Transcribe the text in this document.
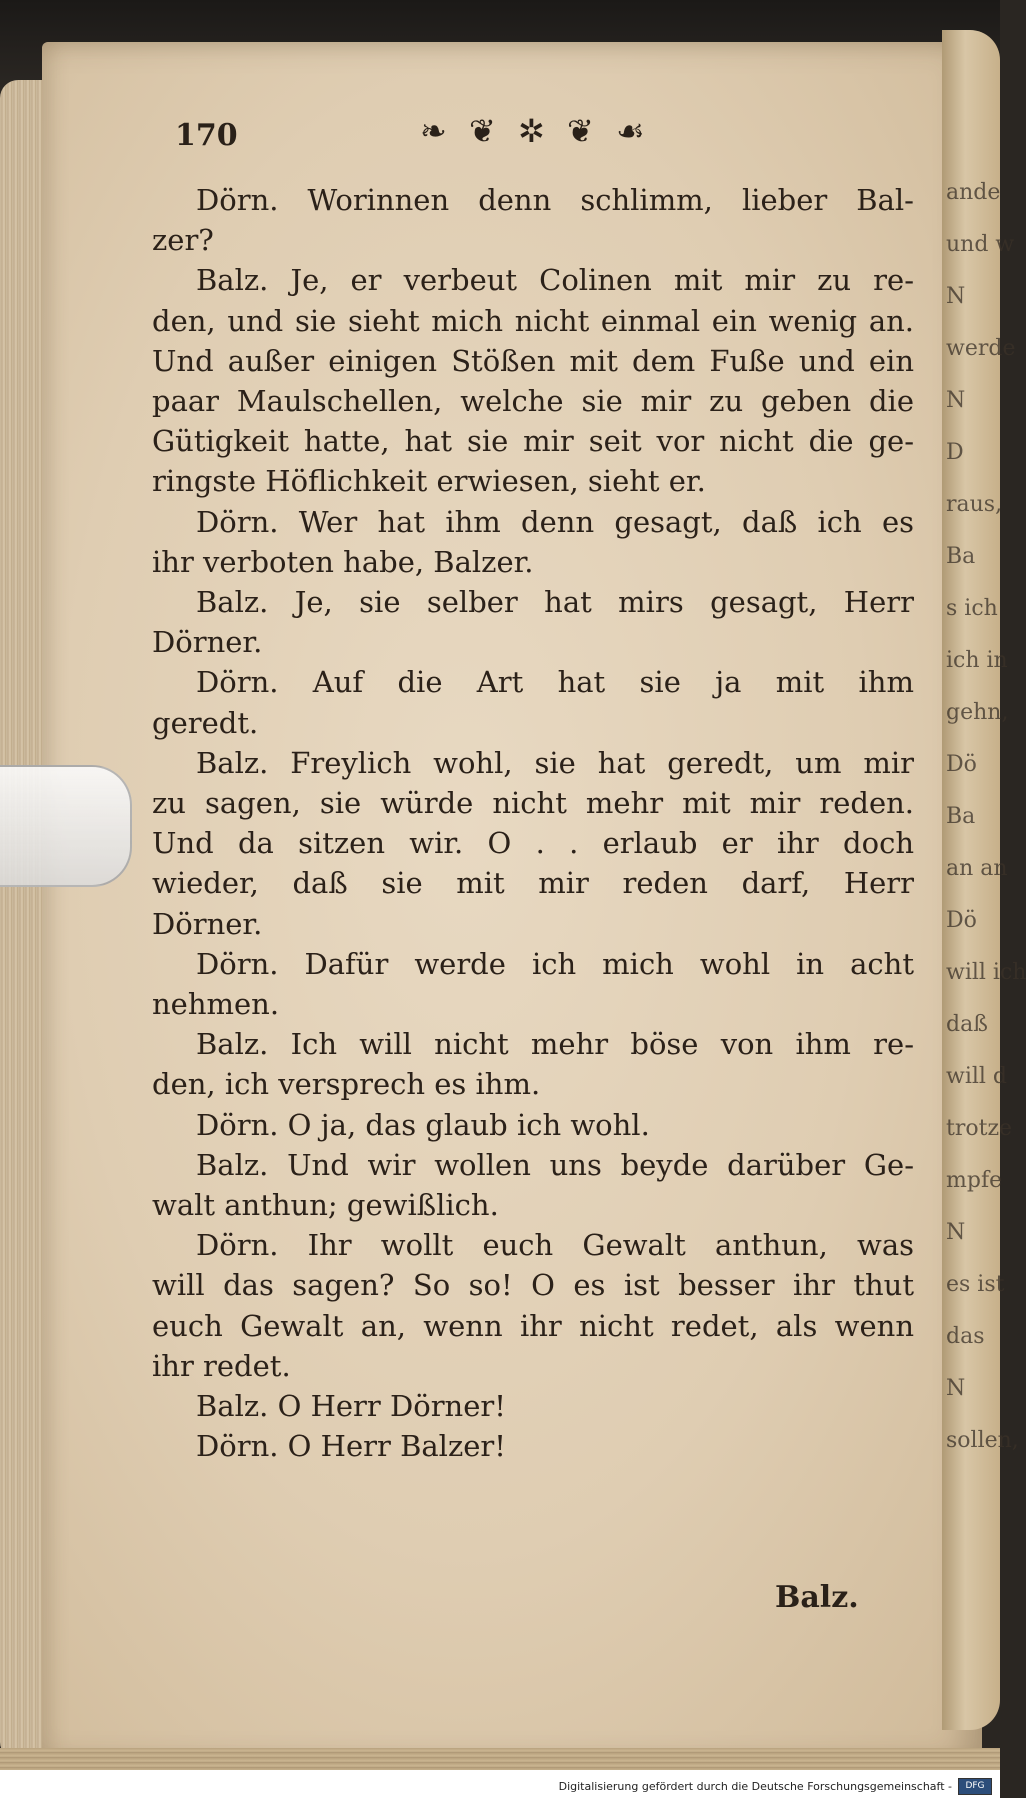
ande
und w
N
werde
N
D
raus,
Ba
s ich
ich in
gehn,
Dö
Ba
an an
Dö
will ich
daß
will d
trotze
mpfe
N
es ist
das
N
sollen,
170	❧ ❦ ✲ ❦ ☙
Dörn. Worinnen denn schlimm, lieber Bal-
zer?
Balz. Je, er verbeut Colinen mit mir zu re-
den, und sie sieht mich nicht einmal ein wenig an.
Und außer einigen Stößen mit dem Fuße und ein
paar Maulschellen, welche sie mir zu geben die
Gütigkeit hatte, hat sie mir seit vor nicht die ge-
ringste Höflichkeit erwiesen, sieht er.
Dörn. Wer hat ihm denn gesagt, daß ich es
ihr verboten habe, Balzer.
Balz. Je, sie selber hat mirs gesagt, Herr
Dörner.
Dörn. Auf die Art hat sie ja mit ihm
geredt.
Balz. Freylich wohl, sie hat geredt, um mir
zu sagen, sie würde nicht mehr mit mir reden.
Und da sitzen wir. O . . erlaub er ihr doch
wieder, daß sie mit mir reden darf, Herr
Dörner.
Dörn. Dafür werde ich mich wohl in acht
nehmen.
Balz. Ich will nicht mehr böse von ihm re-
den, ich versprech es ihm.
Dörn. O ja, das glaub ich wohl.
Balz. Und wir wollen uns beyde darüber Ge-
walt anthun; gewißlich.
Dörn. Ihr wollt euch Gewalt anthun, was
will das sagen? So so! O es ist besser ihr thut
euch Gewalt an, wenn ihr nicht redet, als wenn
ihr redet.
Balz. O Herr Dörner!
Dörn. O Herr Balzer!
Balz.
Digitalisierung gefördert durch die Deutsche Forschungsgemeinschaft -	DFG
